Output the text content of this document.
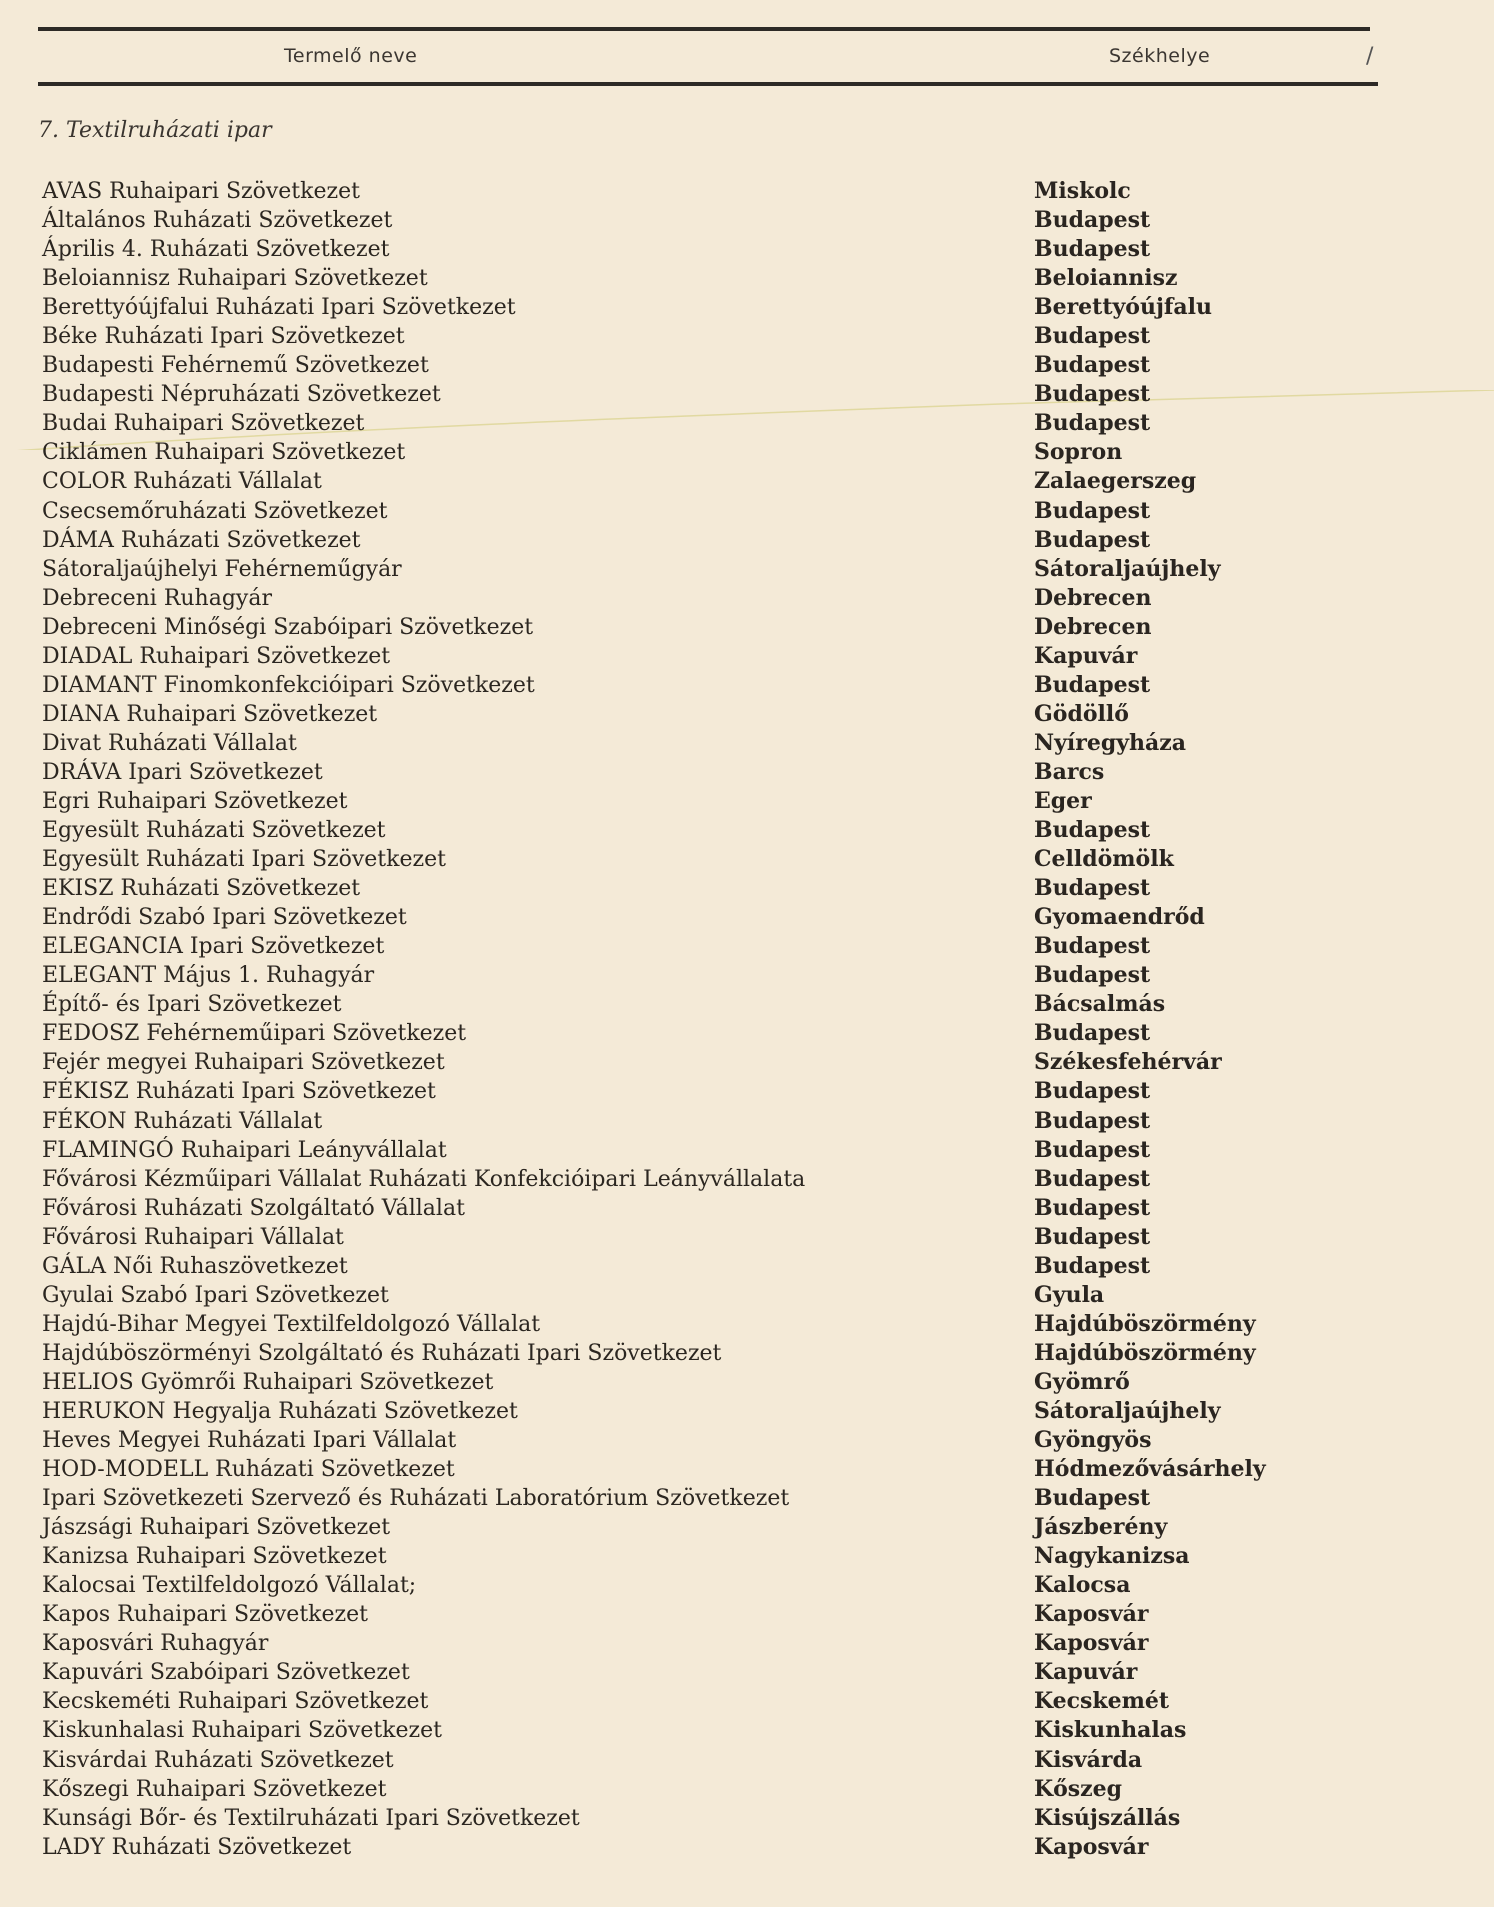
Termelő neve	Székhelye	/
7. Textilruházati ipar
AVAS Ruhaipari Szövetkezet	Miskolc
Általános Ruházati Szövetkezet	Budapest
Április 4. Ruházati Szövetkezet	Budapest
Beloiannisz Ruhaipari Szövetkezet	Beloiannisz
Berettyóújfalui Ruházati Ipari Szövetkezet	Berettyóújfalu
Béke Ruházati Ipari Szövetkezet	Budapest
Budapesti Fehérnemű Szövetkezet	Budapest
Budapesti Népruházati Szövetkezet	Budapest
Budai Ruhaipari Szövetkezet	Budapest
Ciklámen Ruhaipari Szövetkezet	Sopron
COLOR Ruházati Vállalat	Zalaegerszeg
Csecsemőruházati Szövetkezet	Budapest
DÁMA Ruházati Szövetkezet	Budapest
Sátoraljaújhelyi Fehérneműgyár	Sátoraljaújhely
Debreceni Ruhagyár	Debrecen
Debreceni Minőségi Szabóipari Szövetkezet	Debrecen
DIADAL Ruhaipari Szövetkezet	Kapuvár
DIAMANT Finomkonfekcióipari Szövetkezet	Budapest
DIANA Ruhaipari Szövetkezet	Gödöllő
Divat Ruházati Vállalat	Nyíregyháza
DRÁVA Ipari Szövetkezet	Barcs
Egri Ruhaipari Szövetkezet	Eger
Egyesült Ruházati Szövetkezet	Budapest
Egyesült Ruházati Ipari Szövetkezet	Celldömölk
EKISZ Ruházati Szövetkezet	Budapest
Endrődi Szabó Ipari Szövetkezet	Gyomaendrőd
ELEGANCIA Ipari Szövetkezet	Budapest
ELEGANT Május 1. Ruhagyár	Budapest
Építő- és Ipari Szövetkezet	Bácsalmás
FEDOSZ Fehérneműipari Szövetkezet	Budapest
Fejér megyei Ruhaipari Szövetkezet	Székesfehérvár
FÉKISZ Ruházati Ipari Szövetkezet	Budapest
FÉKON Ruházati Vállalat	Budapest
FLAMINGÓ Ruhaipari Leányvállalat	Budapest
Fővárosi Kézműipari Vállalat Ruházati Konfekcióipari Leányvállalata	Budapest
Fővárosi Ruházati Szolgáltató Vállalat	Budapest
Fővárosi Ruhaipari Vállalat	Budapest
GÁLA Női Ruhaszövetkezet	Budapest
Gyulai Szabó Ipari Szövetkezet	Gyula
Hajdú-Bihar Megyei Textilfeldolgozó Vállalat	Hajdúböszörmény
Hajdúböszörményi Szolgáltató és Ruházati Ipari Szövetkezet	Hajdúböszörmény
HELIOS Gyömrői Ruhaipari Szövetkezet	Gyömrő
HERUKON Hegyalja Ruházati Szövetkezet	Sátoraljaújhely
Heves Megyei Ruházati Ipari Vállalat	Gyöngyös
HOD-MODELL Ruházati Szövetkezet	Hódmezővásárhely
Ipari Szövetkezeti Szervező és Ruházati Laboratórium Szövetkezet	Budapest
Jászsági Ruhaipari Szövetkezet	Jászberény
Kanizsa Ruhaipari Szövetkezet	Nagykanizsa
Kalocsai Textilfeldolgozó Vállalat;	Kalocsa
Kapos Ruhaipari Szövetkezet	Kaposvár
Kaposvári Ruhagyár	Kaposvár
Kapuvári Szabóipari Szövetkezet	Kapuvár
Kecskeméti Ruhaipari Szövetkezet	Kecskemét
Kiskunhalasi Ruhaipari Szövetkezet	Kiskunhalas
Kisvárdai Ruházati Szövetkezet	Kisvárda
Kőszegi Ruhaipari Szövetkezet	Kőszeg
Kunsági Bőr- és Textilruházati Ipari Szövetkezet	Kisújszállás
LADY Ruházati Szövetkezet	Kaposvár
